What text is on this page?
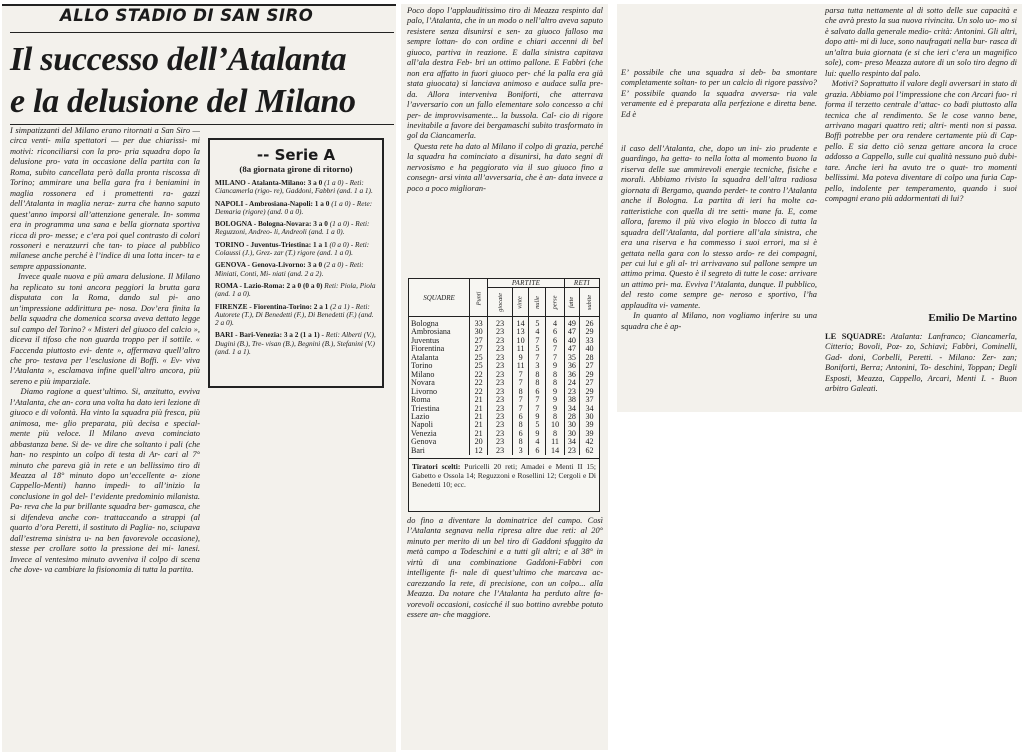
ALLO STADIO DI SAN SIRO
Il successo dell’Atalanta
e la delusione del Milano

I simpatizzanti del Milano erano ritornati a San Siro — circa venti- mila spettatori — per due chiarissi- mi motivi: riconciliarsi con la pro- pria squadra dopo la delusione pro- vata in occasione della partita con la Roma, subito cancellata però dalla pronta riscossa di Torino; ammirare una bella gara fra i beniamini in maglia rossonera ed i promettenti ra- gazzi dell’Atalanta in maglia neraz- zurra che hanno saputo quest’anno imporsi all’attenzione generale. In- somma era in programma una sana e bella giornata sportiva ricca di pro- messe; e c’era poi quel contrasto di colori rossoneri e nerazzurri che tan- to piace al pubblico milanese anche perché è l’indice di una lotta incer- ta e sempre appassionante.
Invece quale nuova e più amara delusione. Il Milano ha replicato su toni ancora peggiori la brutta gara disputata con la Roma, dando sul pi- ano un’impressione addirittura pe- nosa. Dov’era finita la bella squadra che domenica scorsa aveva dettato legge sul campo del Torino? « Misteri del giuoco del calcio », diceva il tifoso che non guarda troppo per il sottile. « Faccenda piuttosto evi- dente », affermava quell’altro che pro- testava per l’esclusione di Boffi. « Ev- viva l’Atalanta », esclamava infine quell’altro ancora, più sereno e più imparziale.
Diamo ragione a quest’ultimo. Si, anzitutto, evviva l’Atalanta, che an- cora una volta ha dato ieri lezione di giuoco e di volontà. Ha vinto la squadra più fresca, più animosa, me- glio preparata, più decisa e special- mente più veloce. Il Milano aveva cominciato abbastanza bene. Si de- ve dire che soltanto i pali (che han- no respinto un colpo di testa di Ar- cari al 7° minuto che pareva già in rete e un bellissimo tiro di Meazza al 18° minuto dopo un’eccellente a- zione Cappello-Menti) hanno impedi- to all’inizio la conclusione in gol del- l’evidente predominio milanista. Pa- reva che la pur brillante squadra ber- gamasca, che si difendeva anche con- trattaccando a strappi (al quarto d’ora Peretti, il sostituto di Paglia- no, sciupava dall’estrema sinistra u- na ben favorevole occasione), stesse per crollare sotto la pressione dei mi- lanesi. Invece al ventesimo minuto avveniva il colpo di scena che dove- va cambiare la fisionomia di tutta la partita.

-- Serie A
(8a giornata girone di ritorno)
MILANO - Atalanta-Milano: 3 a 0 (1 a 0) - Reti: Ciancamerla (rigo- re), Gaddoni, Fabbri (and. 1 a 1).
NAPOLI - Ambrosiana-Napoli: 1 a 0 (1 a 0) - Rete: Demaria (rigore) (and. 0 a 0).
BOLOGNA - Bologna-Novara: 3 a 0 (1 a 0) - Reti: Reguzzoni, Andreo- li, Andreoli (and. 1 a 0).
TORINO - Juventus-Triestina: 1 a 1 (0 a 0) - Reti: Colaussi (J.), Grez- zar (T.) rigore (and. 1 a 0).
GENOVA - Genova-Livorno: 3 a 0 (2 a 0) - Reti: Miniati, Conti, Mi- niati (and. 2 a 2).
ROMA - Lazio-Roma: 2 a 0 (0 a 0) Reti: Piola, Piola (and. 1 a 0).
FIRENZE - Fiorentina-Torino: 2 a 1 (2 a 1) - Reti: Autorete (T.), Di Benedetti (F.), Di Benedetti (F.) (and. 2 a 0).
BARI - Bari-Venezia: 3 a 2 (1 a 1) - Reti: Alberti (V.), Dugini (B.), Tre- visan (B.), Begnini (B.), Stefanini (V.) (and. 1 a 1).

Poco dopo l’applauditissimo tiro di Meazza respinto dal palo, l’Atalanta, che in un modo o nell’altro aveva saputo resistere senza disunirsi e sen- za giuoco falloso ma sempre lottan- do con ordine e chiari accenni di bel giuoco, partiva in reazione. E dalla sinistra capitava all’ala destra Feb- bri un ottimo pallone. E Fabbri (che non era affatto in fuori giuoco per- ché la palla era già stata giuocata) si lanciava animoso e audace sulla pre- da. Allora interveniva Boniforti, che atterrava l’avversario con un fallo elementare solo concesso a chi per- de improvvisamente... la bussola. Cal- cio di rigore inevitabile a favore dei bergamaschi subito trasformato in gol da Ciancamerla.
Questa rete ha dato al Milano il colpo di grazia, perché la squadra ha cominciato a disunirsi, ha dato segni di nervosismo e ha peggiorato via il suo giuoco fino a consegn- arsi vinta all’avversaria, che è an- data invece a poco a poco miglioran-

SQUADRE	Punti	PARTITE				RETI	
		giocate	vinte	nulle	perse	fatte	subite
Bologna	33	23	14	5	4	49	26
Ambrosiana	30	23	13	4	6	47	29
Juventus	27	23	10	7	6	40	33
Fiorentina	27	23	11	5	7	47	40
Atalanta	25	23	9	7	7	35	28
Torino	25	23	11	3	9	36	27
Milano	22	23	7	8	8	36	29
Novara	22	23	7	8	8	24	27
Livorno	22	23	8	6	9	23	29
Roma	21	23	7	7	9	38	37
Triestina	21	23	7	7	9	34	34
Lazio	21	23	6	9	8	28	30
Napoli	21	23	8	5	10	30	39
Venezia	21	23	6	9	8	30	39
Genova	20	23	8	4	11	34	42
Bari	12	23	3	6	14	23	62
Tiratori scelti: Puricelli 20 reti; Amadei e Menti II 15; Gabetto e Ossola 14; Reguzzoni e Rosellini 12; Cergoli e Di Benedetti 10; ecc.

do fino a diventare la dominatrice del campo. Così l’Atalanta segnava nella ripresa altre due reti: al 20° minuto per merito di un bel tiro di Gaddoni sfuggito da metà campo a Todeschini e a tutti gli altri; e al 38° in virtù di una combinazione Gaddoni-Fabbri con intelligente fi- nale di quest’ultimo che marcava ac- carezzando la rete, di precisione, con un colpo... alla Meazza. Da notare che l’Atalanta ha perduto altre fa- vorevoli occasioni, cosicché il suo bottino avrebbe potuto essere an- che maggiore.

E’ possibile che una squadra si deb- ba smontare completamente soltan- to per un calcio di rigore passivo? E’ possibile quando la squadra avversa- ria vale veramente ed è preparata alla perfezione e diretta bene. Ed è

il caso dell’Atalanta, che, dopo un ini- zio prudente e guardingo, ha getta- to nella lotta al momento buono la riserva delle sue ammirevoli energie tecniche, fisiche e morali. Abbiamo rivisto la squadra dell’altra radiosa giornata di Bergamo, quando perdet- te contro l’Atalanta anche il Bologna. La partita di ieri ha molte ca- ratteristiche con quella di tre setti- mane fa. E, come allora, faremo il più vivo elogio in blocco di tutta la squadra dell’Atalanta, dal portiere all’ala sinistra, che era una riserva e ha commesso i suoi errori, ma si è gettata nella gara con lo stesso ardo- re dei compagni, per cui lui e gli al- tri arrivavano sul pallone sempre un attimo prima. Questo è il segreto di tutte le cose: arrivare un attimo pri- ma. Evviva l’Atalanta, dunque. Il pubblico, del resto come sempre ge- neroso e sportivo, l’ha applaudita vi- vamente.
In quanto al Milano, non vogliamo inferire su una squadra che è ap-

parsa tutta nettamente al di sotto delle sue capacità e che avrà presto la sua nuova rivincita. Un solo uo- mo si è salvato dalla generale medio- crità: Antonini. Gli altri, dopo atti- mi di luce, sono naufragati nella bur- rasca di un’altra buia giornata (e si che ieri c’era un magnifico sole), com- preso Meazza autore di un solo tiro degno di lui: quello respinto dal palo.
Motivi? Soprattutto il valore degli avversari in stato di grazia. Abbiamo poi l’impressione che con Arcari fuo- ri forma il terzetto centrale d’attac- co badi piuttosto alla tecnica che al rendimento. Se le cose vanno bene, arrivano magari quattro reti; altri- menti non si passa. Boffi potrebbe per ora rendere certamente più di Cap- pello. E sia detto ciò senza gettare ancora la croce addosso a Cappello, sulle cui qualità nessuno può dubi- tare. Anche ieri ha avuto tre o quat- tro momenti bellissimi. Ma poteva diventare di colpo una furia Cap- pello, indolente per temperamento, quando i suoi compagni erano più addormentati di lui?

Emilio De Martino

LE SQUADRE: Atalanta: Lanfranco; Ciancamerla, Citterio; Bovoli, Poz- zo, Schiavi; Fabbri, Cominelli, Gad- doni, Corbelli, Peretti. - Milano: Zer- zan; Boniforti, Berra; Antonini, To- deschini, Toppan; Degli Esposti, Meazza, Cappello, Arcari, Menti I. - Buon arbitro Galeati.
